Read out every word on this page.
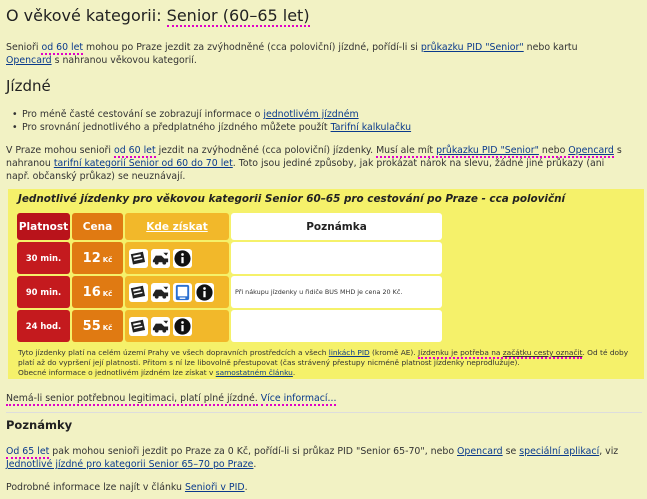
O věkové kategorii: Senior (60–65 let)
Senioři od 60 let mohou po Praze jezdit za zvýhodněné (cca poloviční) jízdné, pořídí-li si průkazku PID "Senior" nebo kartu
Opencard s nahranou věkovou kategorií.
Jízdné
• Pro méně časté cestování se zobrazují informace o jednotlivém jízdném
• Pro srovnání jednotlivého a předplatného jízdného můžete použít Tarifní kalkulačku
V Praze mohou senioři od 60 let jezdit na zvýhodněné (cca poloviční) jízdenky. Musí ale mít průkazku PID "Senior" nebo Opencard s
nahranou tarifní kategorií Senior od 60 do 70 let. Toto jsou jediné způsoby, jak prokázat nárok na slevu, žádné jiné průkazy (ani
např. občanský průkaz) se neuznávají.
Jednotlivé jízdenky pro věkovou kategorii Senior 60–65 pro cestování po Praze - cca poloviční
Platnost	Cena	Kde získat	Poznámka
30 min.	12 Kč		
90 min.	16 Kč		Při nákupu jízdenky u řidiče BUS MHD je cena 20 Kč.
24 hod.	55 Kč		
Tyto jízdenky platí na celém území Prahy ve všech dopravních prostředcích a všech linkách PID (kromě AE). Jízdenku je potřeba na začátku cesty označit. Od té doby
platí až do vypršení její platnosti. Přitom s ní lze libovolně přestupovat (čas strávený přestupy nicméně platnost jízdenky neprodlužuje).
Obecné informace o jednotlivém jízdném lze získat v samostatném článku.
Nemá-li senior potřebnou legitimaci, platí plné jízdné. Více informací...
Poznámky
Od 65 let pak mohou senioři jezdit po Praze za 0 Kč, pořídí-li si průkaz PID "Senior 65-70", nebo Opencard se speciální aplikací, viz
Jednotlivé jízdné pro kategorii Senior 65–70 po Praze.
Podrobné informace lze najít v článku Senioři v PID.
